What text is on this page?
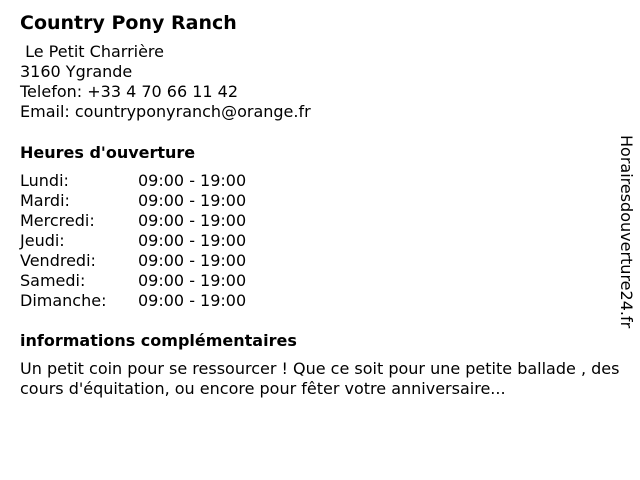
Country Pony Ranch
Le Petit Charrière
3160 Ygrande
Telefon: +33 4 70 66 11 42
Email: countryponyranch@orange.fr
Heures d'ouverture
Lundi:	09:00 - 19:00
Mardi:	09:00 - 19:00
Mercredi:	09:00 - 19:00
Jeudi:	09:00 - 19:00
Vendredi:	09:00 - 19:00
Samedi:	09:00 - 19:00
Dimanche:	09:00 - 19:00
informations complémentaires
Un petit coin pour se ressourcer ! Que ce soit pour une petite ballade , des cours d'équitation, ou encore pour fêter votre anniversaire...
Horairesdouverture24.fr
